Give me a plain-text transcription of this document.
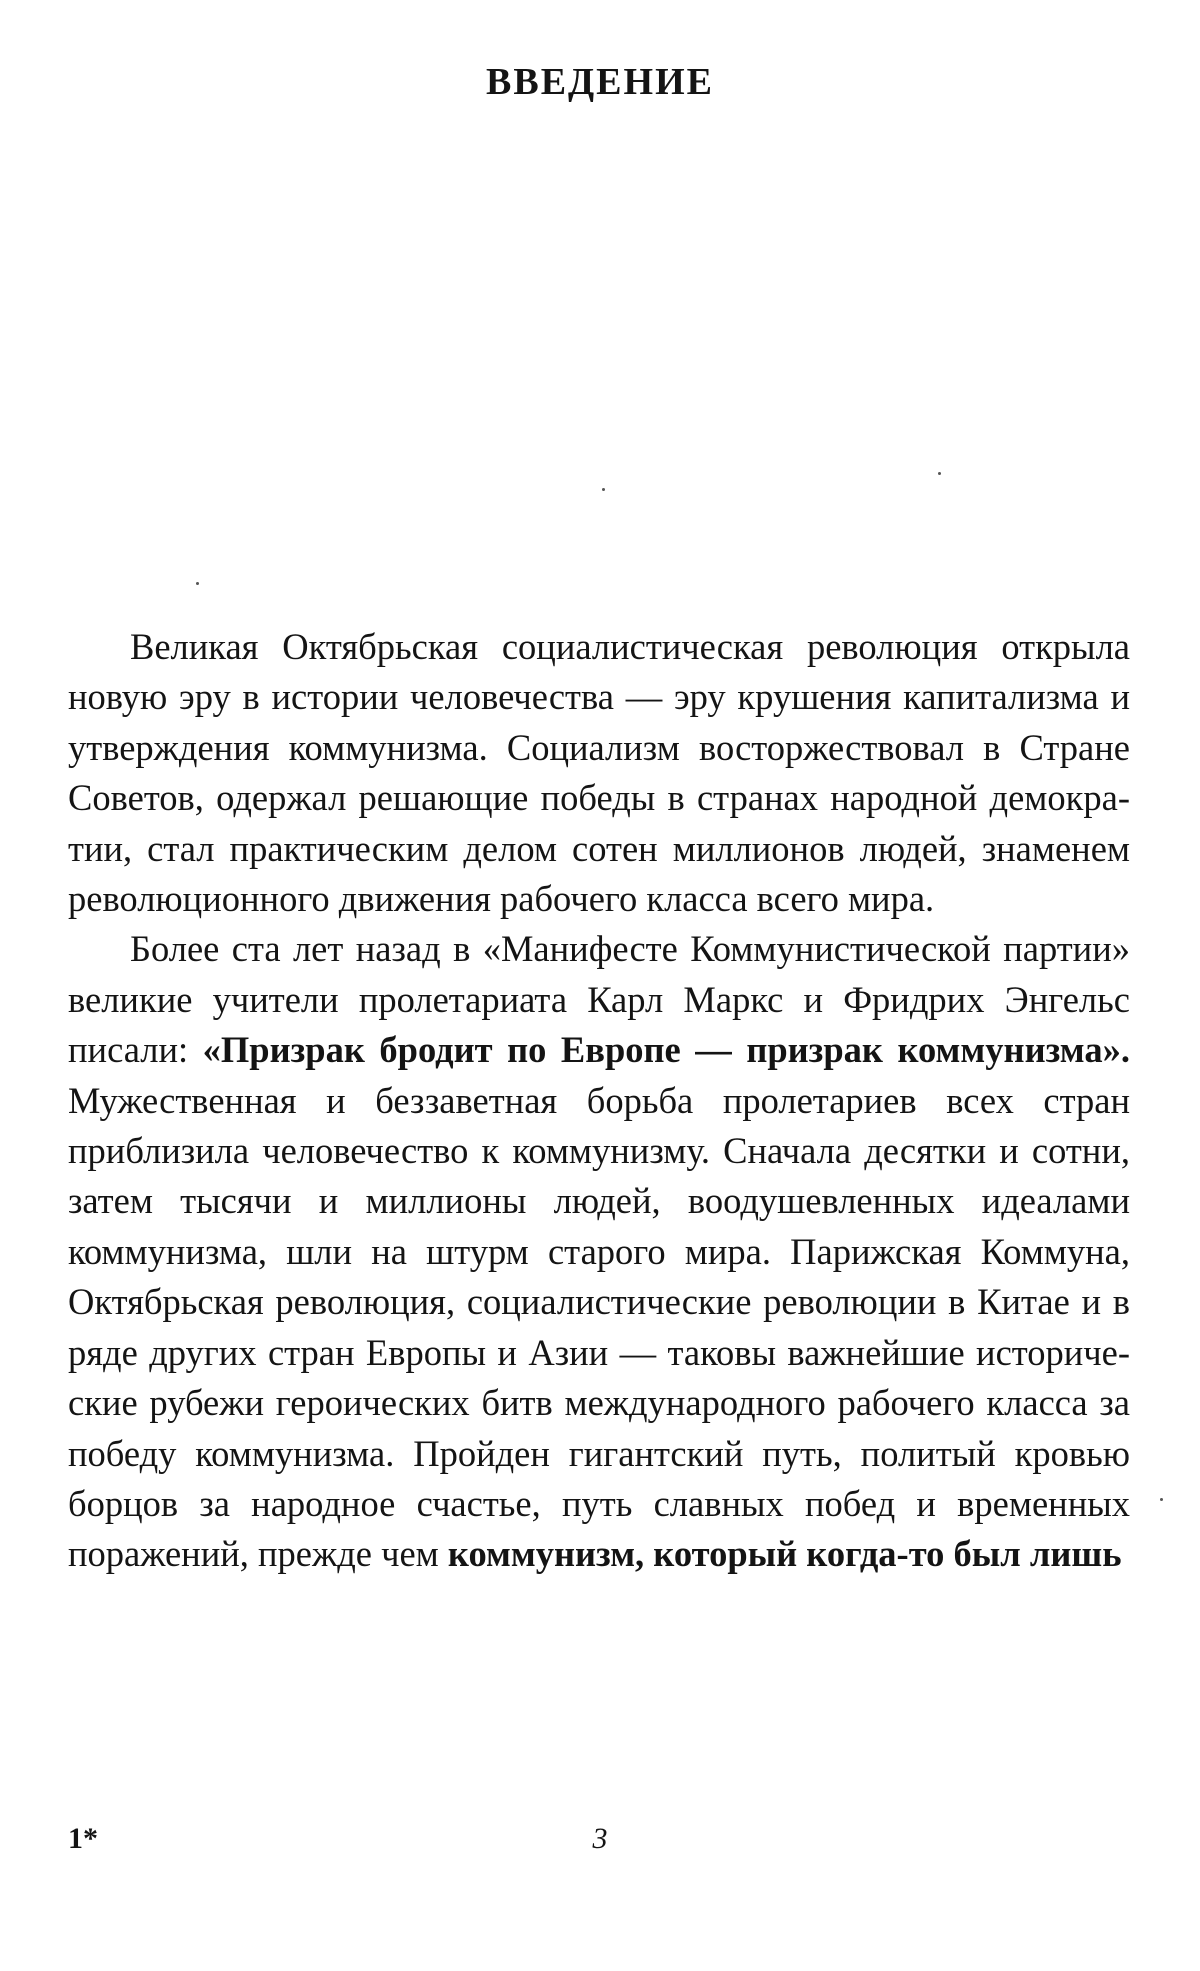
ВВЕДЕНИЕ

Великая Октябрьская социалистическая революция открыла новую эру в истории человечества — эру крушения капитализма и утверждения коммунизма. Социализм восторжествовал в Стране Советов, одержал решающие победы в странах народной демократии, стал практическим делом сотен миллионов людей, знаменем революционного движения рабочего класса всего мира.

Более ста лет назад в «Манифесте Коммунистической партии» великие учители пролетариата Карл Маркс и Фридрих Энгельс писали: «Призрак бродит по Европе — призрак коммунизма». Мужественная и беззаветная борьба пролетариев всех стран приблизила человечество к коммунизму. Сначала десятки и сотни, затем тысячи и миллионы людей, воодушевленных идеалами коммунизма, шли на штурм старого мира. Парижская Коммуна, Октябрьская революция, социалистические революции в Китае и в ряде других стран Европы и Азии — таковы важнейшие исторические рубежи героических битв международного рабочего класса за победу коммунизма. Пройден гигантский путь, политый кровью борцов за народное счастье, путь славных побед и временных поражений, прежде чем коммунизм, который когда-то был лишь

1*	3
